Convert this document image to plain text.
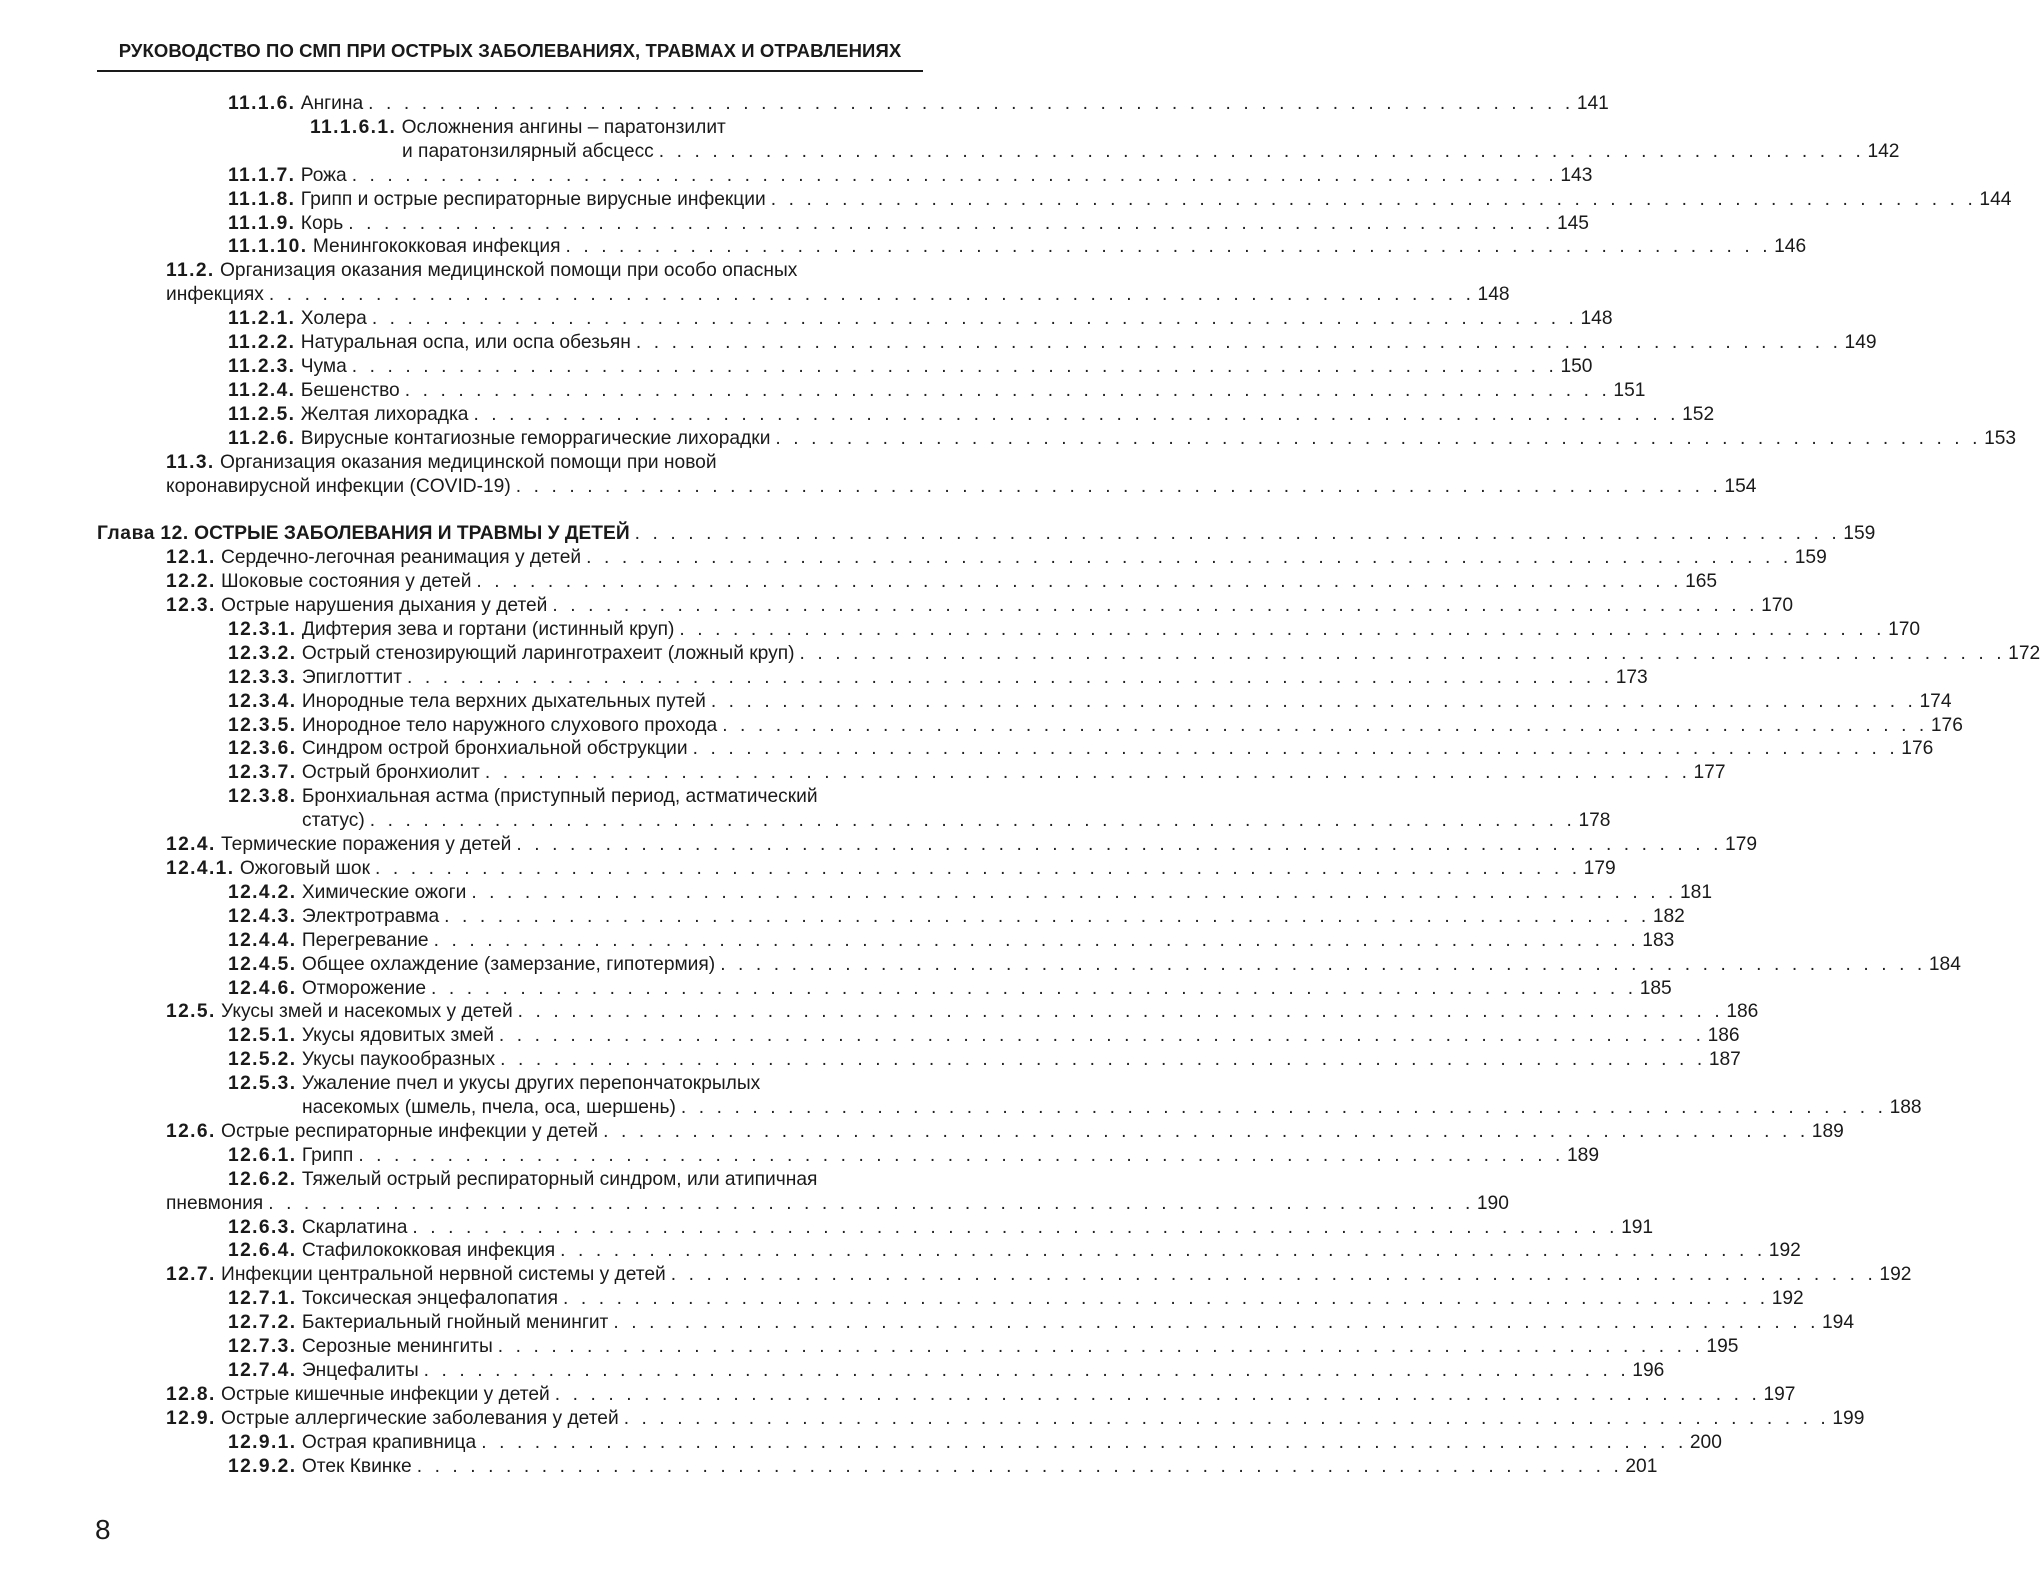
РУКОВОДСТВО ПО СМП ПРИ ОСТРЫХ ЗАБОЛЕВАНИЯХ, ТРАВМАХ И ОТРАВЛЕНИЯХ
11.1.6.
Ангина . . . . . . . . . . . . . . . . . . . . . . . . . . . . . . . . . . . . . . . . . . . . . . . . . . . . . . . . . . . . . . . . . . . . 141
11.1.6.1.
Осложнения ангины – паратонзилит
и паратонзилярный абсцесс . . . . . . . . . . . . . . . . . . . . . . . . . . . . . . . . . . . . . . . . . . . . . . . . . . . . . . . . . . . . . . . . . . . . 142
11.1.7.
Рожа . . . . . . . . . . . . . . . . . . . . . . . . . . . . . . . . . . . . . . . . . . . . . . . . . . . . . . . . . . . . . . . . . . . . 143
11.1.8.
Грипп и острые респираторные вирусные инфекции . . . . . . . . . . . . . . . . . . . . . . . . . . . . . . . . . . . . . . . . . . . . . . . . . . . . . . . . . . . . . . . . . . . . 144
11.1.9.
Корь . . . . . . . . . . . . . . . . . . . . . . . . . . . . . . . . . . . . . . . . . . . . . . . . . . . . . . . . . . . . . . . . . . . . 145
11.1.10.
Менингококковая инфекция . . . . . . . . . . . . . . . . . . . . . . . . . . . . . . . . . . . . . . . . . . . . . . . . . . . . . . . . . . . . . . . . . . . . 146
11.2.
Организация оказания медицинской помощи при особо опасных
инфекциях . . . . . . . . . . . . . . . . . . . . . . . . . . . . . . . . . . . . . . . . . . . . . . . . . . . . . . . . . . . . . . . . . . . . 148
11.2.1.
Холера . . . . . . . . . . . . . . . . . . . . . . . . . . . . . . . . . . . . . . . . . . . . . . . . . . . . . . . . . . . . . . . . . . . . 148
11.2.2.
Натуральная оспа, или оспа обезьян . . . . . . . . . . . . . . . . . . . . . . . . . . . . . . . . . . . . . . . . . . . . . . . . . . . . . . . . . . . . . . . . . . . . 149
11.2.3.
Чума . . . . . . . . . . . . . . . . . . . . . . . . . . . . . . . . . . . . . . . . . . . . . . . . . . . . . . . . . . . . . . . . . . . . 150
11.2.4.
Бешенство . . . . . . . . . . . . . . . . . . . . . . . . . . . . . . . . . . . . . . . . . . . . . . . . . . . . . . . . . . . . . . . . . . . . 151
11.2.5.
Желтая лихорадка . . . . . . . . . . . . . . . . . . . . . . . . . . . . . . . . . . . . . . . . . . . . . . . . . . . . . . . . . . . . . . . . . . . . 152
11.2.6.
Вирусные контагиозные геморрагические лихорадки . . . . . . . . . . . . . . . . . . . . . . . . . . . . . . . . . . . . . . . . . . . . . . . . . . . . . . . . . . . . . . . . . . . . 153
11.3.
Организация оказания медицинской помощи при новой
коронавирусной инфекции (COVID-19) . . . . . . . . . . . . . . . . . . . . . . . . . . . . . . . . . . . . . . . . . . . . . . . . . . . . . . . . . . . . . . . . . . . . 154
Глава
12.
ОСТРЫЕ ЗАБОЛЕВАНИЯ И ТРАВМЫ У ДЕТЕЙ . . . . . . . . . . . . . . . . . . . . . . . . . . . . . . . . . . . . . . . . . . . . . . . . . . . . . . . . . . . . . . . . . . . . 159
12.1.
Сердечно-легочная реанимация у детей . . . . . . . . . . . . . . . . . . . . . . . . . . . . . . . . . . . . . . . . . . . . . . . . . . . . . . . . . . . . . . . . . . . . 159
12.2.
Шоковые состояния у детей . . . . . . . . . . . . . . . . . . . . . . . . . . . . . . . . . . . . . . . . . . . . . . . . . . . . . . . . . . . . . . . . . . . . 165
12.3.
Острые нарушения дыхания у детей . . . . . . . . . . . . . . . . . . . . . . . . . . . . . . . . . . . . . . . . . . . . . . . . . . . . . . . . . . . . . . . . . . . . 170
12.3.1.
Дифтерия зева и гортани (истинный круп) . . . . . . . . . . . . . . . . . . . . . . . . . . . . . . . . . . . . . . . . . . . . . . . . . . . . . . . . . . . . . . . . . . . . 170
12.3.2.
Острый стенозирующий ларинготрахеит (ложный круп) . . . . . . . . . . . . . . . . . . . . . . . . . . . . . . . . . . . . . . . . . . . . . . . . . . . . . . . . . . . . . . . . . . . . 172
12.3.3.
Эпиглоттит . . . . . . . . . . . . . . . . . . . . . . . . . . . . . . . . . . . . . . . . . . . . . . . . . . . . . . . . . . . . . . . . . . . . 173
12.3.4.
Инородные тела верхних дыхательных путей . . . . . . . . . . . . . . . . . . . . . . . . . . . . . . . . . . . . . . . . . . . . . . . . . . . . . . . . . . . . . . . . . . . . 174
12.3.5.
Инородное тело наружного слухового прохода . . . . . . . . . . . . . . . . . . . . . . . . . . . . . . . . . . . . . . . . . . . . . . . . . . . . . . . . . . . . . . . . . . . . 176
12.3.6.
Синдром острой бронхиальной обструкции . . . . . . . . . . . . . . . . . . . . . . . . . . . . . . . . . . . . . . . . . . . . . . . . . . . . . . . . . . . . . . . . . . . . 176
12.3.7.
Острый бронхиолит . . . . . . . . . . . . . . . . . . . . . . . . . . . . . . . . . . . . . . . . . . . . . . . . . . . . . . . . . . . . . . . . . . . . 177
12.3.8.
Бронхиальная астма (приступный период, астматический
статус) . . . . . . . . . . . . . . . . . . . . . . . . . . . . . . . . . . . . . . . . . . . . . . . . . . . . . . . . . . . . . . . . . . . . 178
12.4.
Термические поражения у детей . . . . . . . . . . . . . . . . . . . . . . . . . . . . . . . . . . . . . . . . . . . . . . . . . . . . . . . . . . . . . . . . . . . . 179
12.4.1.
Ожоговый шок . . . . . . . . . . . . . . . . . . . . . . . . . . . . . . . . . . . . . . . . . . . . . . . . . . . . . . . . . . . . . . . . . . . . 179
12.4.2.
Химические ожоги . . . . . . . . . . . . . . . . . . . . . . . . . . . . . . . . . . . . . . . . . . . . . . . . . . . . . . . . . . . . . . . . . . . . 181
12.4.3.
Электротравма . . . . . . . . . . . . . . . . . . . . . . . . . . . . . . . . . . . . . . . . . . . . . . . . . . . . . . . . . . . . . . . . . . . . 182
12.4.4.
Перегревание . . . . . . . . . . . . . . . . . . . . . . . . . . . . . . . . . . . . . . . . . . . . . . . . . . . . . . . . . . . . . . . . . . . . 183
12.4.5.
Общее охлаждение (замерзание, гипотермия) . . . . . . . . . . . . . . . . . . . . . . . . . . . . . . . . . . . . . . . . . . . . . . . . . . . . . . . . . . . . . . . . . . . . 184
12.4.6.
Отморожение . . . . . . . . . . . . . . . . . . . . . . . . . . . . . . . . . . . . . . . . . . . . . . . . . . . . . . . . . . . . . . . . . . . . 185
12.5.
Укусы змей и насекомых у детей . . . . . . . . . . . . . . . . . . . . . . . . . . . . . . . . . . . . . . . . . . . . . . . . . . . . . . . . . . . . . . . . . . . . 186
12.5.1.
Укусы ядовитых змей . . . . . . . . . . . . . . . . . . . . . . . . . . . . . . . . . . . . . . . . . . . . . . . . . . . . . . . . . . . . . . . . . . . . 186
12.5.2.
Укусы паукообразных . . . . . . . . . . . . . . . . . . . . . . . . . . . . . . . . . . . . . . . . . . . . . . . . . . . . . . . . . . . . . . . . . . . . 187
12.5.3.
Ужаление пчел и укусы других перепончатокрылых
насекомых (шмель, пчела, оса, шершень) . . . . . . . . . . . . . . . . . . . . . . . . . . . . . . . . . . . . . . . . . . . . . . . . . . . . . . . . . . . . . . . . . . . . 188
12.6.
Острые респираторные инфекции у детей . . . . . . . . . . . . . . . . . . . . . . . . . . . . . . . . . . . . . . . . . . . . . . . . . . . . . . . . . . . . . . . . . . . . 189
12.6.1.
Грипп . . . . . . . . . . . . . . . . . . . . . . . . . . . . . . . . . . . . . . . . . . . . . . . . . . . . . . . . . . . . . . . . . . . . 189
12.6.2.
Тяжелый острый респираторный синдром, или атипичная
пневмония . . . . . . . . . . . . . . . . . . . . . . . . . . . . . . . . . . . . . . . . . . . . . . . . . . . . . . . . . . . . . . . . . . . . 190
12.6.3.
Скарлатина . . . . . . . . . . . . . . . . . . . . . . . . . . . . . . . . . . . . . . . . . . . . . . . . . . . . . . . . . . . . . . . . . . . . 191
12.6.4.
Стафилококковая инфекция . . . . . . . . . . . . . . . . . . . . . . . . . . . . . . . . . . . . . . . . . . . . . . . . . . . . . . . . . . . . . . . . . . . . 192
12.7.
Инфекции центральной нервной системы у детей . . . . . . . . . . . . . . . . . . . . . . . . . . . . . . . . . . . . . . . . . . . . . . . . . . . . . . . . . . . . . . . . . . . . 192
12.7.1.
Токсическая энцефалопатия . . . . . . . . . . . . . . . . . . . . . . . . . . . . . . . . . . . . . . . . . . . . . . . . . . . . . . . . . . . . . . . . . . . . 192
12.7.2.
Бактериальный гнойный менингит . . . . . . . . . . . . . . . . . . . . . . . . . . . . . . . . . . . . . . . . . . . . . . . . . . . . . . . . . . . . . . . . . . . . 194
12.7.3.
Серозные менингиты . . . . . . . . . . . . . . . . . . . . . . . . . . . . . . . . . . . . . . . . . . . . . . . . . . . . . . . . . . . . . . . . . . . . 195
12.7.4.
Энцефалиты . . . . . . . . . . . . . . . . . . . . . . . . . . . . . . . . . . . . . . . . . . . . . . . . . . . . . . . . . . . . . . . . . . . . 196
12.8.
Острые кишечные инфекции у детей . . . . . . . . . . . . . . . . . . . . . . . . . . . . . . . . . . . . . . . . . . . . . . . . . . . . . . . . . . . . . . . . . . . . 197
12.9.
Острые аллергические заболевания у детей . . . . . . . . . . . . . . . . . . . . . . . . . . . . . . . . . . . . . . . . . . . . . . . . . . . . . . . . . . . . . . . . . . . . 199
12.9.1.
Острая крапивница . . . . . . . . . . . . . . . . . . . . . . . . . . . . . . . . . . . . . . . . . . . . . . . . . . . . . . . . . . . . . . . . . . . . 200
12.9.2.
Отек Квинке . . . . . . . . . . . . . . . . . . . . . . . . . . . . . . . . . . . . . . . . . . . . . . . . . . . . . . . . . . . . . . . . . . . . 201
8
